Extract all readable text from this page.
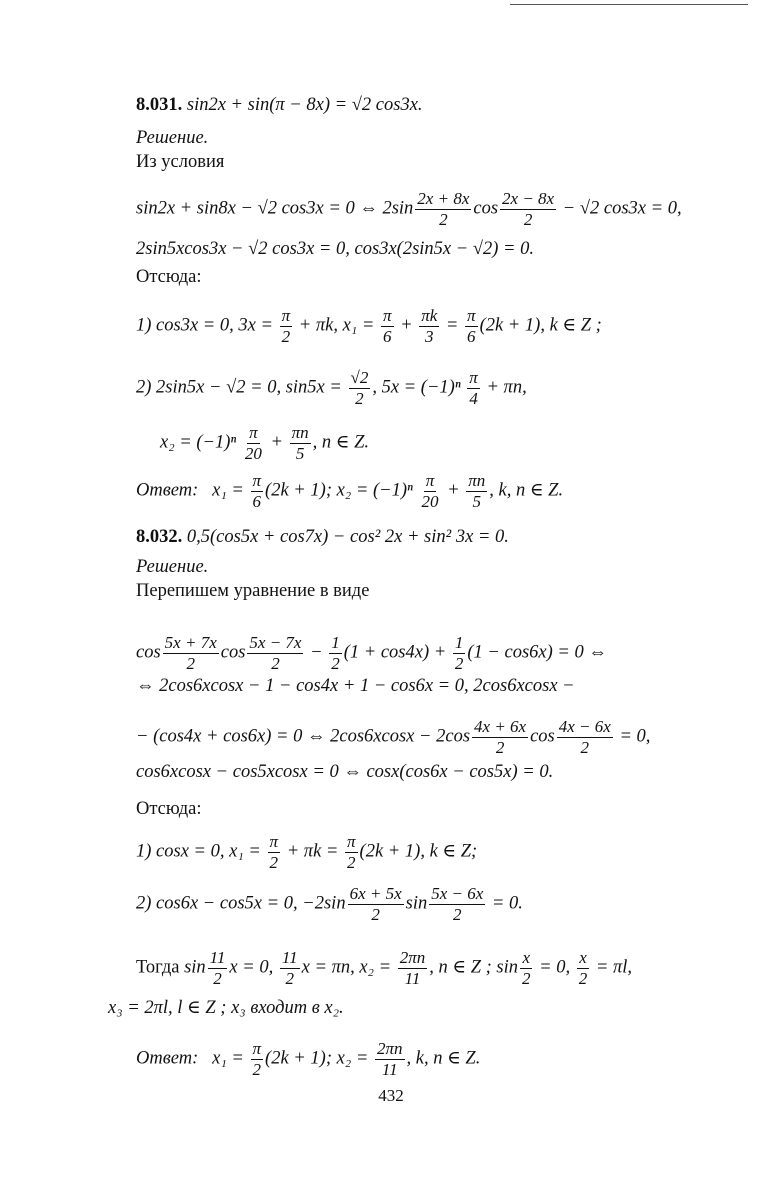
8.031. sin2x + sin(π − 8x) = √2 cos3x.
Решение.
Из условия
sin2x + sin8x − √2 cos3x = 0 ⇔ $2\sin \frac{2x + 8x}{2}$ $\cos \frac{2x - 8x}{2} - √2$ cos3x = 0,
2sin5xcos3x − √2 cos3x = 0, cos3x(2sin5x − √2) = 0.
Отсюда:
1) cos3x = 0, $3x = \frac{\pi}{2} + \pi k$, $x_1 = \frac{\pi}{6} + \frac{\pi k}{3} = \frac{\pi}{6} (2k + 1)$, k ∈ Z ;
2) 2sin5x − √2 = 0, $\sin 5x = \frac{√2}{2}$ , $5x = (-1)^n \frac{\pi}{4} + \pi n$,
$x_2 = (-1)^n \frac{\pi}{20} + \frac{\pi n}{5}$ , n ∈ Z.
Ответ: $x_1 = \frac{\pi}{6} (2k + 1)$; $x_2 = (-1)^n \frac{\pi}{20} + \frac{\pi n}{5}$ , k, n ∈ Z.
8.032. 0,5(cos5x + cos7x) − cos² 2x + sin² 3x = 0.
Решение.
Перепишем уравнение в виде
$\cos \frac{5x + 7x}{2}$ $\cos \frac{5x - 7x}{2} - \frac{1}{2} (1 + \cos 4x) + \frac{1}{2} (1 - \cos 6x) = 0$ ⇔
⇔ 2cos6xcosx − 1 − cos4x + 1 − cos6x = 0, 2cos6xcosx −
− (cos4x + cos6x) = 0 ⇔ $2\cos 6xcosx - 2\cos \frac{4x + 6x}{2}$ $\cos \frac{4x - 6x}{2} = 0$,
cos6xcosx − cos5xcosx = 0 ⇔ cosx(cos6x − cos5x) = 0.
Отсюда:
1) cosx = 0, $x_1 = \frac{\pi}{2} + \pi k = \frac{\pi}{2} (2k + 1)$, k ∈ Z;
2) cos6x − cos5x = 0, $-2\sin \frac{6x + 5x}{2}$ $\sin \frac{5x - 6x}{2} = 0$.
Тогда $\sin \frac{11}{2}$ x = 0, $\frac{11}{2}$ x = πn, $x_2 = \frac{2\pi n}{11}$ , n ∈ Z ; $\sin \frac{x}{2} = 0$, $\frac{x}{2} = \pi l$,
x₃ = 2πl, l ∈ Z ; x₃ входит в x₂.
Ответ: $x_1 = \frac{\pi}{2} (2k + 1)$; $x_2 = \frac{2\pi n}{11}$ , k, n ∈ Z.
432
